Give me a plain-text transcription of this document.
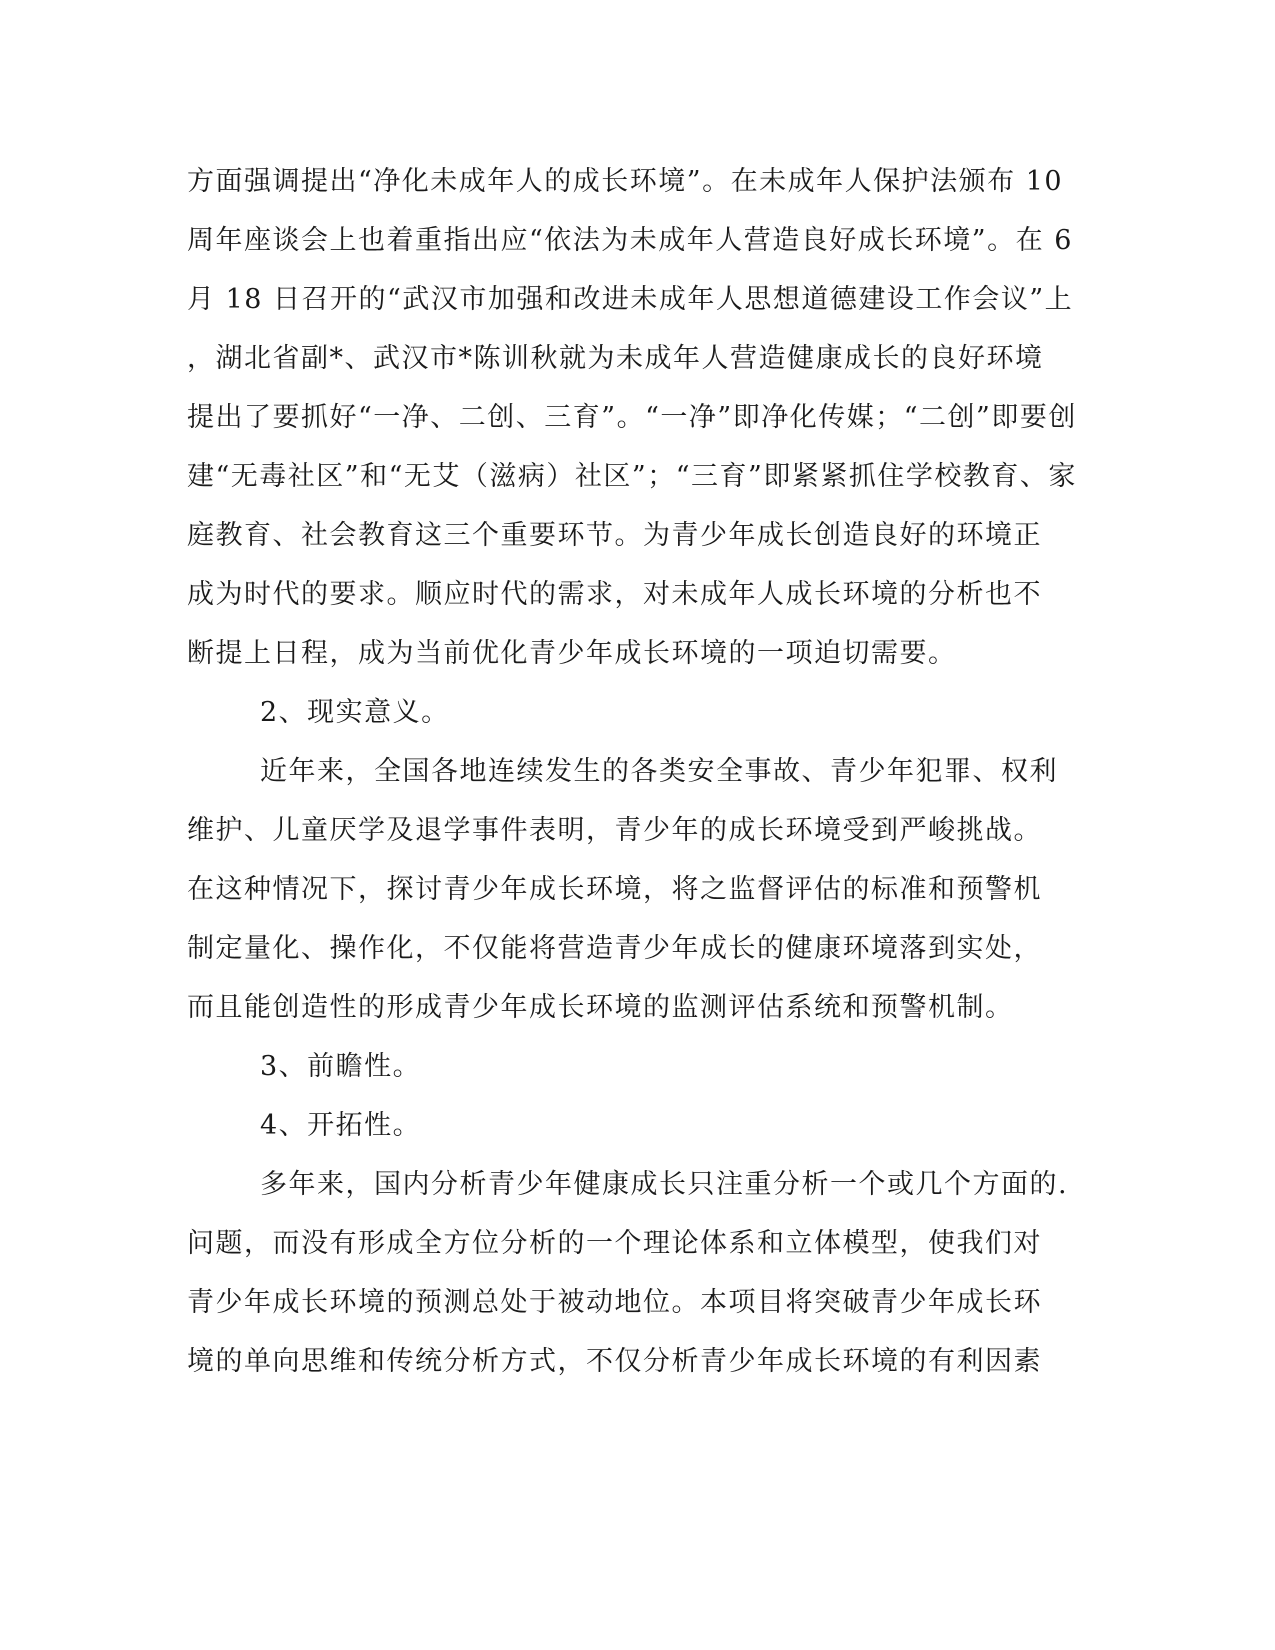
方面强调提出“净化未成年人的成长环境”。在未成年人保护法颁布 10
周年座谈会上也着重指出应“依法为未成年人营造良好成长环境”。在 6
月 18 日召开的“武汉市加强和改进未成年人思想道德建设工作会议”上
，湖北省副*、武汉市*陈训秋就为未成年人营造健康成长的良好环境
提出了要抓好“一净、二创、三育”。“一净”即净化传媒；“二创”即要创
建“无毒社区”和“无艾（滋病）社区”；“三育”即紧紧抓住学校教育、家
庭教育、社会教育这三个重要环节。为青少年成长创造良好的环境正
成为时代的要求。顺应时代的需求，对未成年人成长环境的分析也不
断提上日程，成为当前优化青少年成长环境的一项迫切需要。
2、现实意义。
近年来，全国各地连续发生的各类安全事故、青少年犯罪、权利
维护、儿童厌学及退学事件表明，青少年的成长环境受到严峻挑战。
在这种情况下，探讨青少年成长环境，将之监督评估的标准和预警机
制定量化、操作化，不仅能将营造青少年成长的健康环境落到实处，
而且能创造性的形成青少年成长环境的监测评估系统和预警机制。
3、前瞻性。
4、开拓性。
多年来，国内分析青少年健康成长只注重分析一个或几个方面的.
问题，而没有形成全方位分析的一个理论体系和立体模型，使我们对
青少年成长环境的预测总处于被动地位。本项目将突破青少年成长环
境的单向思维和传统分析方式，不仅分析青少年成长环境的有利因素
